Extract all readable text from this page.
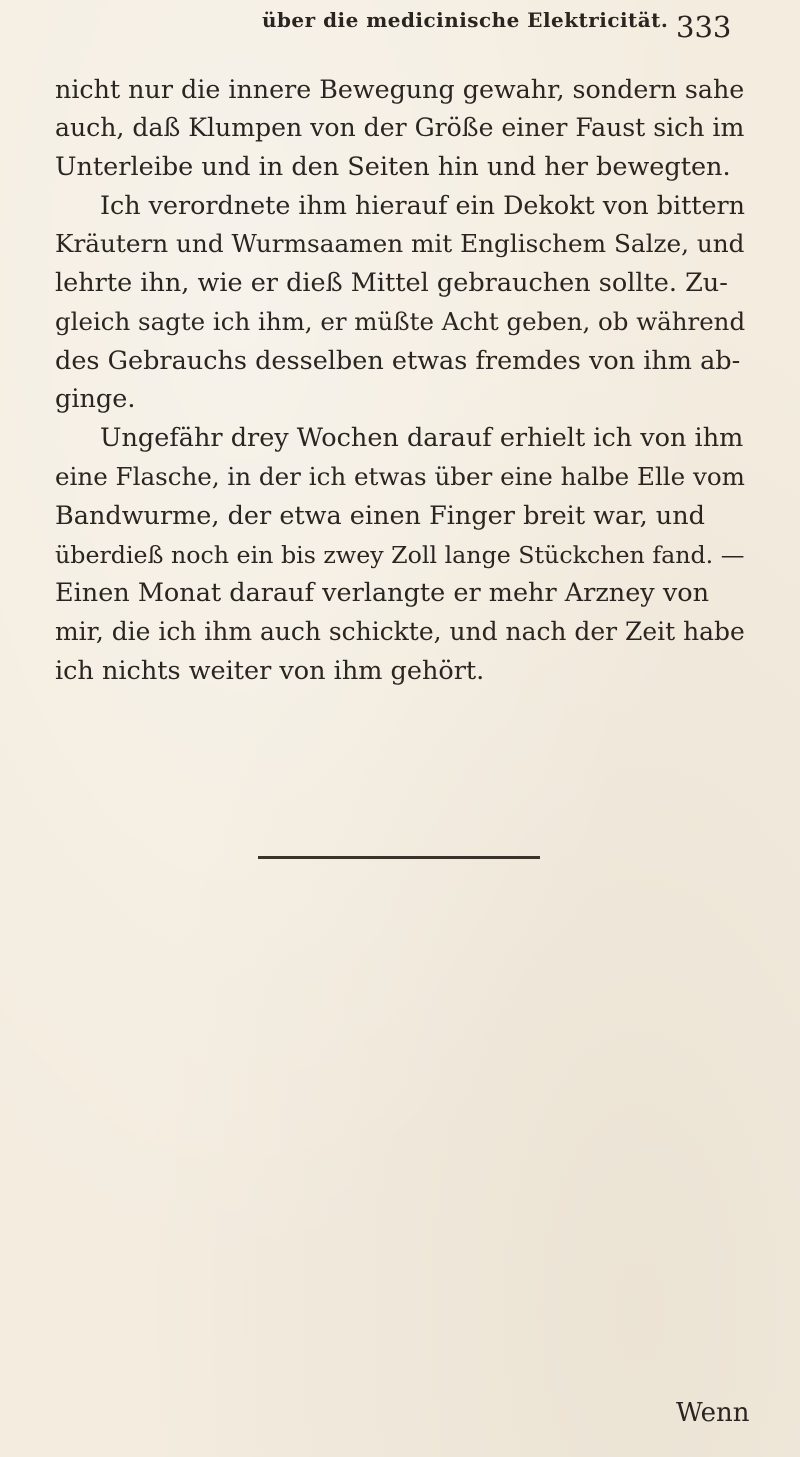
über die medicinische Elektricität. 333
nicht nur die innere Bewegung gewahr, sondern sahe
auch, daß Klumpen von der Größe einer Faust sich im
Unterleibe und in den Seiten hin und her bewegten.
Ich verordnete ihm hierauf ein Dekokt von bittern
Kräutern und Wurmsaamen mit Englischem Salze, und
lehrte ihn, wie er dieß Mittel gebrauchen sollte. Zu-
gleich sagte ich ihm, er müßte Acht geben, ob während
des Gebrauchs desselben etwas fremdes von ihm ab-
ginge.
Ungefähr drey Wochen darauf erhielt ich von ihm
eine Flasche, in der ich etwas über eine halbe Elle vom
Bandwurme, der etwa einen Finger breit war, und
überdieß noch ein bis zwey Zoll lange Stückchen fand. —
Einen Monat darauf verlangte er mehr Arzney von
mir, die ich ihm auch schickte, und nach der Zeit habe
ich nichts weiter von ihm gehört.
Wenn
